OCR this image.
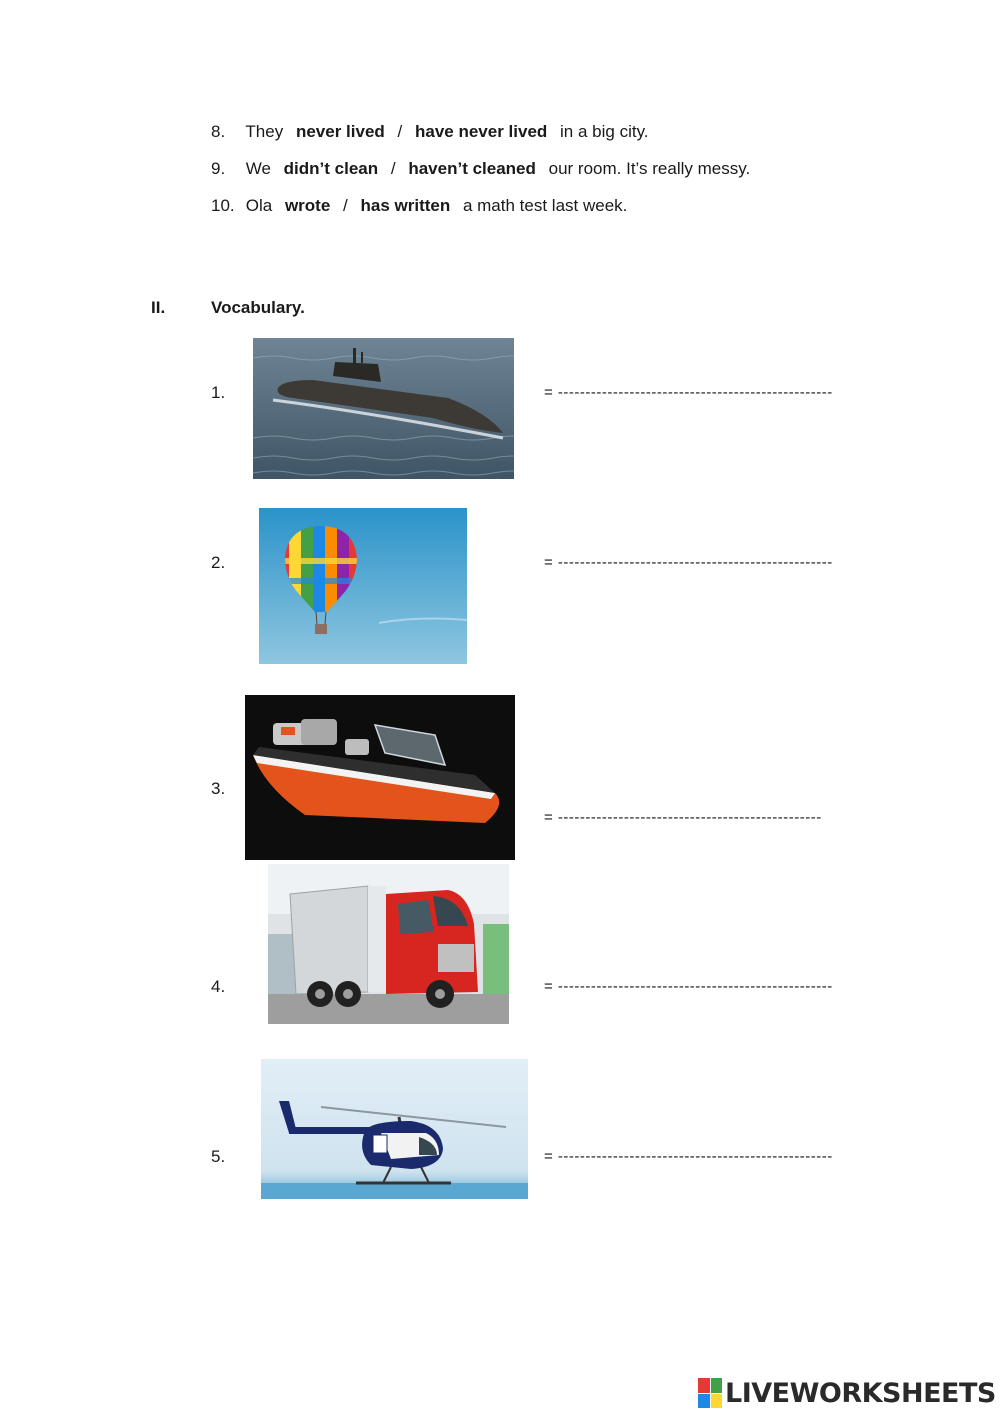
8. They never lived / have never lived in a big city.
9. We didn’t clean / haven’t cleaned our room. It’s really messy.
10. Ola wrote / has written a math test last week.
II.	Vocabulary.
1.	= --------------------------------------------------
2.	= --------------------------------------------------
3.
= ------------------------------------------------
4.	= --------------------------------------------------
5.	= --------------------------------------------------
LIVEWORKSHEETS
